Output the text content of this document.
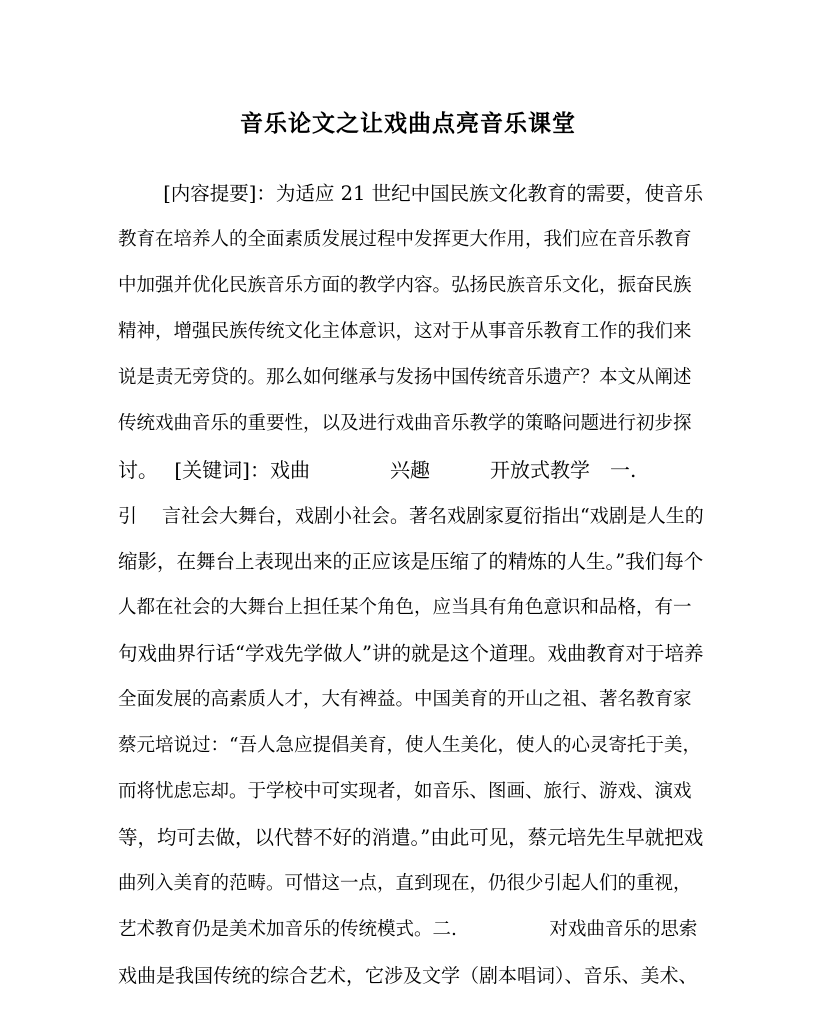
音乐论文之让戏曲点亮音乐课堂
　　 [内容提要]：为适应 21 世纪中国民族文化教育的需要，使音乐
教育在培养人的全面素质发展过程中发挥更大作用，我们应在音乐教育
中加强并优化民族音乐方面的教学内容。弘扬民族音乐文化，振奋民族
精神，增强民族传统文化主体意识，这对于从事音乐教育工作的我们来
说是责无旁贷的。那么如何继承与发扬中国传统音乐遗产？本文从阐述
传统戏曲音乐的重要性，以及进行戏曲音乐教学的策略问题进行初步探
讨。　 [关键词]：戏曲　　　　兴趣　　　开放式教学　一.
引　 言社会大舞台，戏剧小社会。著名戏剧家夏衍指出“戏剧是人生的
缩影，在舞台上表现出来的正应该是压缩了的精炼的人生。”我们每个
人都在社会的大舞台上担任某个角色，应当具有角色意识和品格，有一
句戏曲界行话“学戏先学做人”讲的就是这个道理。戏曲教育对于培养
全面发展的高素质人才，大有裨益。中国美育的开山之祖、著名教育家
蔡元培说过：“吾人急应提倡美育，使人生美化，使人的心灵寄托于美，
而将忧虑忘却。于学校中可实现者，如音乐、图画、旅行、游戏、演戏
等，均可去做，以代替不好的消遣。”由此可见，蔡元培先生早就把戏
曲列入美育的范畴。可惜这一点，直到现在，仍很少引起人们的重视，
艺术教育仍是美术加音乐的传统模式。二.　　　　　对戏曲音乐的思索
戏曲是我国传统的综合艺术，它涉及文学（剧本唱词）、音乐、美术、
